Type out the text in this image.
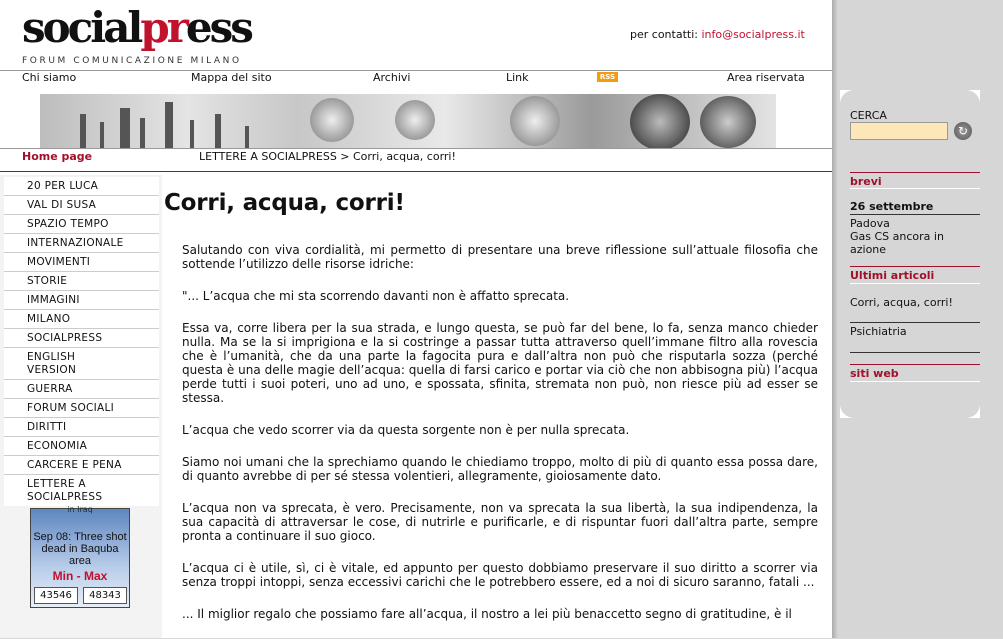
socialpress
FORUM COMUNICAZIONE MILANO
per contatti: info@socialpress.it
Chi siamo	Mappa del sito	Archivi	Link	Area riservata
RSS
Home page	LETTERE A SOCIALPRESS > Corri, acqua, corri!
20 PER LUCA
VAL DI SUSA
SPAZIO TEMPO
INTERNAZIONALE
MOVIMENTI
STORIE
IMMAGINI
MILANO
SOCIALPRESS
ENGLISH VERSION
GUERRA
FORUM SOCIALI
DIRITTI
ECONOMIA
CARCERE E PENA
LETTERE A SOCIALPRESS
in Iraq
Sep 08: Three shot dead in Baquba area
Min - Max
43546	48343
Corri, acqua, corri!

Salutando con viva cordialità, mi permetto di presentare una breve riflessione sull’attuale filosofia che sottende l’utilizzo delle risorse idriche:

"... L’acqua che mi sta scorrendo davanti non è affatto sprecata.

Essa va, corre libera per la sua strada, e lungo questa, se può far del bene, lo fa, senza manco chieder nulla. Ma se la si imprigiona e la si costringe a passar tutta attraverso quell’immane filtro alla rovescia che è l’umanità, che da una parte la fagocita pura e dall’altra non può che risputarla sozza (perché questa è una delle magie dell’acqua: quella di farsi carico e portar via ciò che non abbisogna più) l’acqua perde tutti i suoi poteri, uno ad uno, e spossata, sfinita, stremata non può, non riesce più ad esser se stessa.

L’acqua che vedo scorrer via da questa sorgente non è per nulla sprecata.

Siamo noi umani che la sprechiamo quando le chiediamo troppo, molto di più di quanto essa possa dare, di quanto avrebbe di per sé stessa volentieri, allegramente, gioiosamente dato.

L’acqua non va sprecata, è vero. Precisamente, non va sprecata la sua libertà, la sua indipendenza, la sua capacità di attraversar le cose, di nutrirle e purificarle, e di rispuntar fuori dall’altra parte, sempre pronta a continuare il suo gioco.

L’acqua ci è utile, sì, ci è vitale, ed appunto per questo dobbiamo preservare il suo diritto a scorrer via senza troppi intoppi, senza eccessivi carichi che le potrebbero essere, ed a noi di sicuro saranno, fatali ...

... Il miglior regalo che possiamo fare all’acqua, il nostro a lei più benaccetto segno di gratitudine, è il

CERCA
↻
brevi
26 settembre
Padova
Gas CS ancora in azione
Ultimi articoli
Corri, acqua, corri!
Psichiatria
siti web
